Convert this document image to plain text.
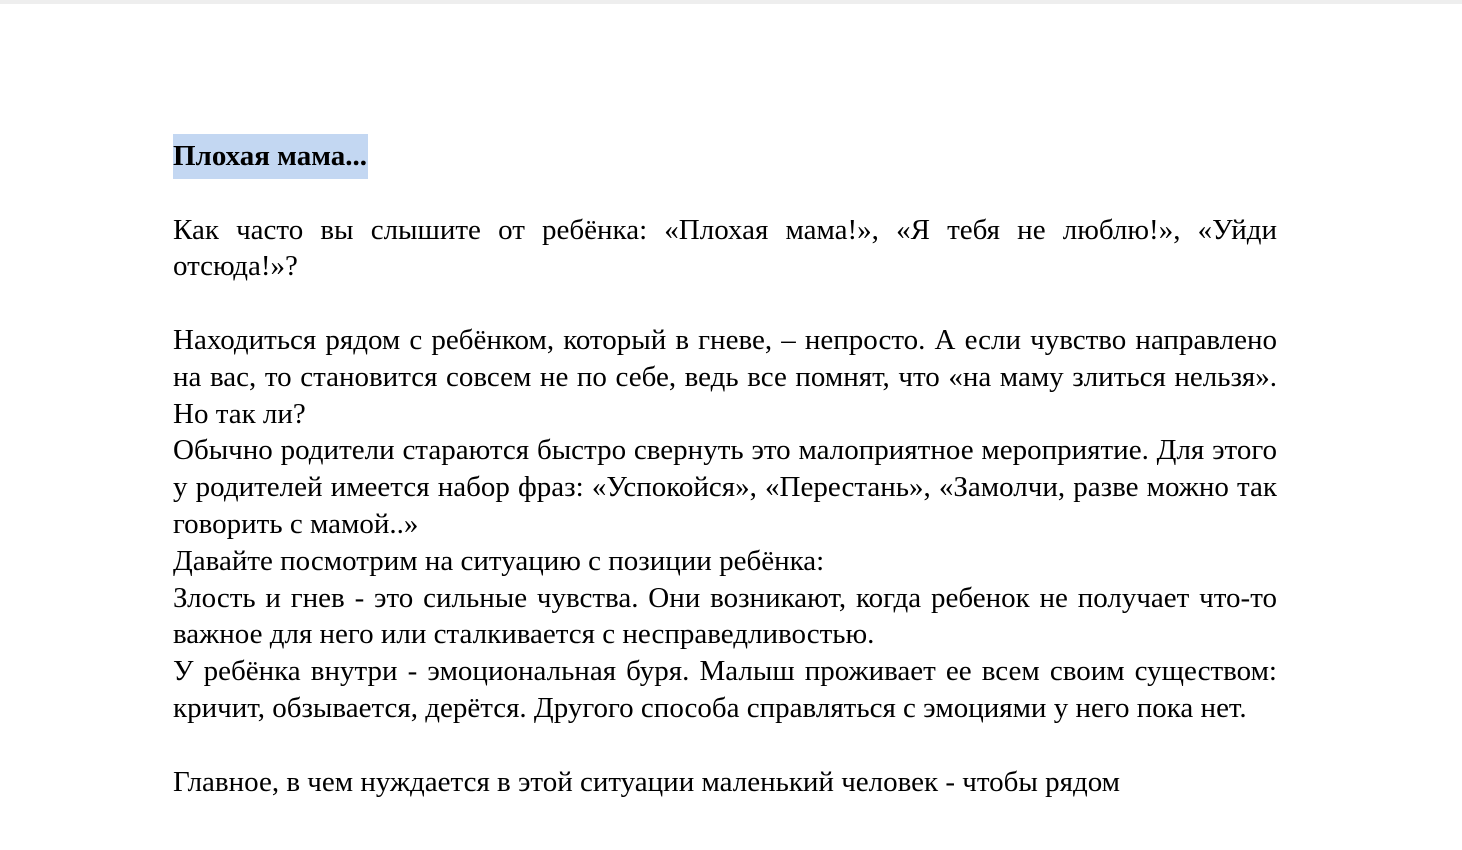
Плохая мама...

Как часто вы слышите от ребёнка: «Плохая мама!», «Я тебя не люблю!», «Уйди отсюда!»?

Находиться рядом с ребёнком, который в гневе, – непросто. А если чувство направлено на вас, то становится совсем не по себе, ведь все помнят, что «на маму злиться нельзя». Но так ли?

Обычно родители стараются быстро свернуть это малоприятное мероприятие. Для этого у родителей имеется набор фраз: «Успокойся», «Перестань», «Замолчи, разве можно так говорить с мамой..»

Давайте посмотрим на ситуацию с позиции ребёнка:

Злость и гнев - это сильные чувства. Они возникают, когда ребенок не получает что-то важное для него или сталкивается с несправедливостью.

У ребёнка внутри - эмоциональная буря. Малыш проживает ее всем своим существом: кричит, обзывается, дерётся. Другого способа справляться с эмоциями у него пока нет.

Главное, в чем нуждается в этой ситуации маленький человек - чтобы рядом
